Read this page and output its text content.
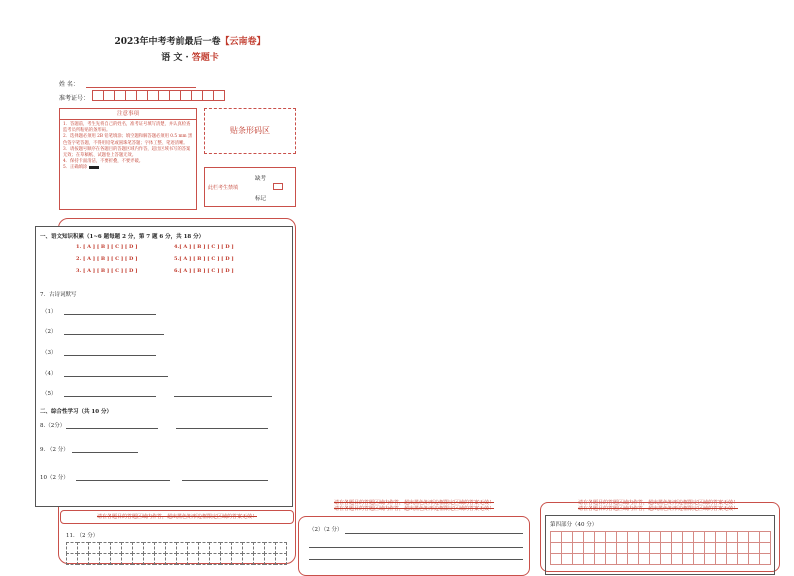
2023年中考考前最后一卷【云南卷】
语 文 · 答题卡
姓 名：
准考证号：
注意事项
1．答题前，考生先将自己的姓名，准考证号填写清楚，并认真检查监考员所粘贴的条形码。
2．选择题必须用 2B 铅笔填涂；填空题和解答题必须用 0.5 mm 黑色签字笔答题，不得用铅笔或圆珠笔答题；字体工整、笔迹清晰。
3．请按题号顺序在各题目的答题区域内作答，超出区域书写的答案无效；在草稿纸、试题卷上答题无效。
4．保持卡面清洁，不要折叠，不要弄破。
5．正确填涂
贴条形码区
此栏考生禁填
缺考
标记
一、语文知识积累（1~6 题每题 2 分，第 7 题 6 分，共 18 分）
1. [ A ] [ B ] [ C ] [ D ]
2. [ A ] [ B ] [ C ] [ D ]
3. [ A ] [ B ] [ C ] [ D ]
4.[ A ] [ B ] [ C ] [ D ]
5.[ A ] [ B ] [ C ] [ D ]
6.[ A ] [ B ] [ C ] [ D ]
7．古诗词默写
（1）
（2）
（3）
（4）
（5）
二、综合性学习（共 10 分）
8.（2分）
9. （2 分）
10（2 分）
请在各题目的答题区域内作答，超出黑色矩形边框限定区域的答案无效！
11. （2 分）
请在各题目的答题区域内作答，超出黑色矩形边框限定区域的答案无效！
请在各题目的答题区域内作答，超出黑色矩形边框限定区域的答案无效！
（2）（2 分）
请在各题目的答题区域内作答，超出黑色矩形边框限定区域的答案无效！
请在各题目的答题区域内作答，超出黑色矩形边框限定区域的答案无效！
第四部分（40 分）
